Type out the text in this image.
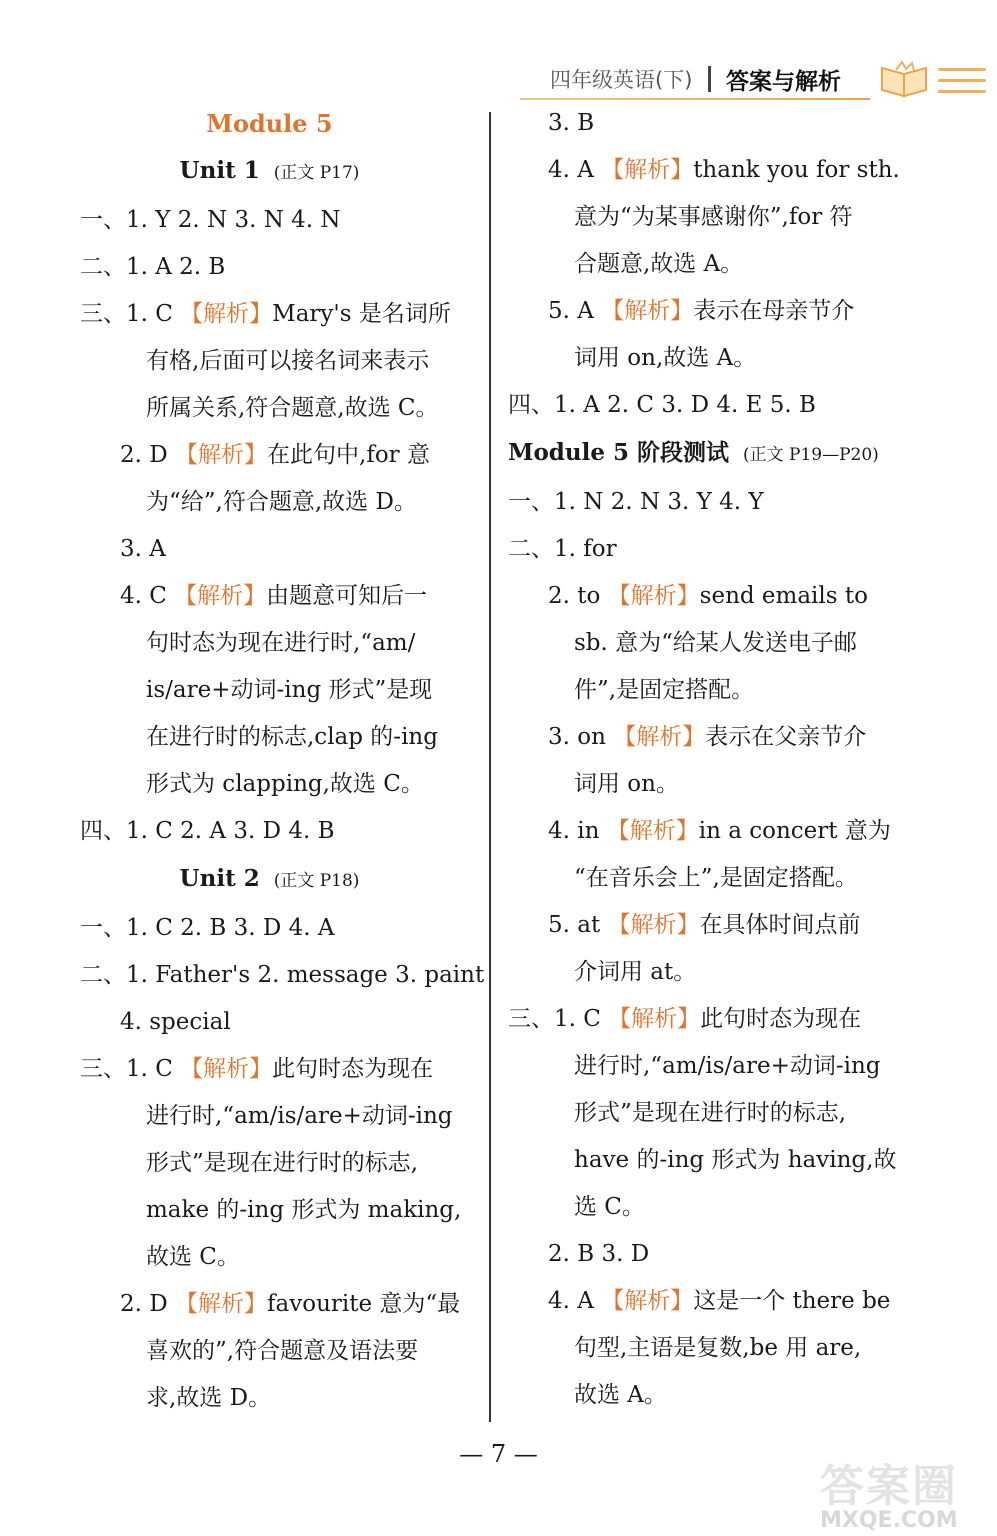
四年级英语(下) 答案与解析
Module 5
Unit 1 (正文 P17)
一、1. Y 2. N 3. N 4. N
二、1. A 2. B
三、1. C 【解析】Mary's 是名词所
有格,后面可以接名词来表示
所属关系,符合题意,故选 C。
2. D 【解析】在此句中,for 意
为“给”,符合题意,故选 D。
3. A
4. C 【解析】由题意可知后一
句时态为现在进行时,“am/
is/are+动词-ing 形式”是现
在进行时的标志,clap 的-ing
形式为 clapping,故选 C。
四、1. C 2. A 3. D 4. B
Unit 2 (正文 P18)
一、1. C 2. B 3. D 4. A
二、1. Father's 2. message 3. paint
4. special
三、1. C 【解析】此句时态为现在
进行时,“am/is/are+动词-ing
形式”是现在进行时的标志,
make 的-ing 形式为 making,
故选 C。
2. D 【解析】favourite 意为“最
喜欢的”,符合题意及语法要
求,故选 D。
3. B
4. A 【解析】thank you for sth.
意为“为某事感谢你”,for 符
合题意,故选 A。
5. A 【解析】表示在母亲节介
词用 on,故选 A。
四、1. A 2. C 3. D 4. E 5. B
Module 5 阶段测试 (正文 P19—P20)
一、1. N 2. N 3. Y 4. Y
二、1. for
2. to 【解析】send emails to
sb. 意为“给某人发送电子邮
件”,是固定搭配。
3. on 【解析】表示在父亲节介
词用 on。
4. in 【解析】in a concert 意为
“在音乐会上”,是固定搭配。
5. at 【解析】在具体时间点前
介词用 at。
三、1. C 【解析】此句时态为现在
进行时,“am/is/are+动词-ing
形式”是现在进行时的标志,
have 的-ing 形式为 having,故
选 C。
2. B 3. D
4. A 【解析】这是一个 there be
句型,主语是复数,be 用 are,
故选 A。
— 7 —
答案圈
MXQE.COM
